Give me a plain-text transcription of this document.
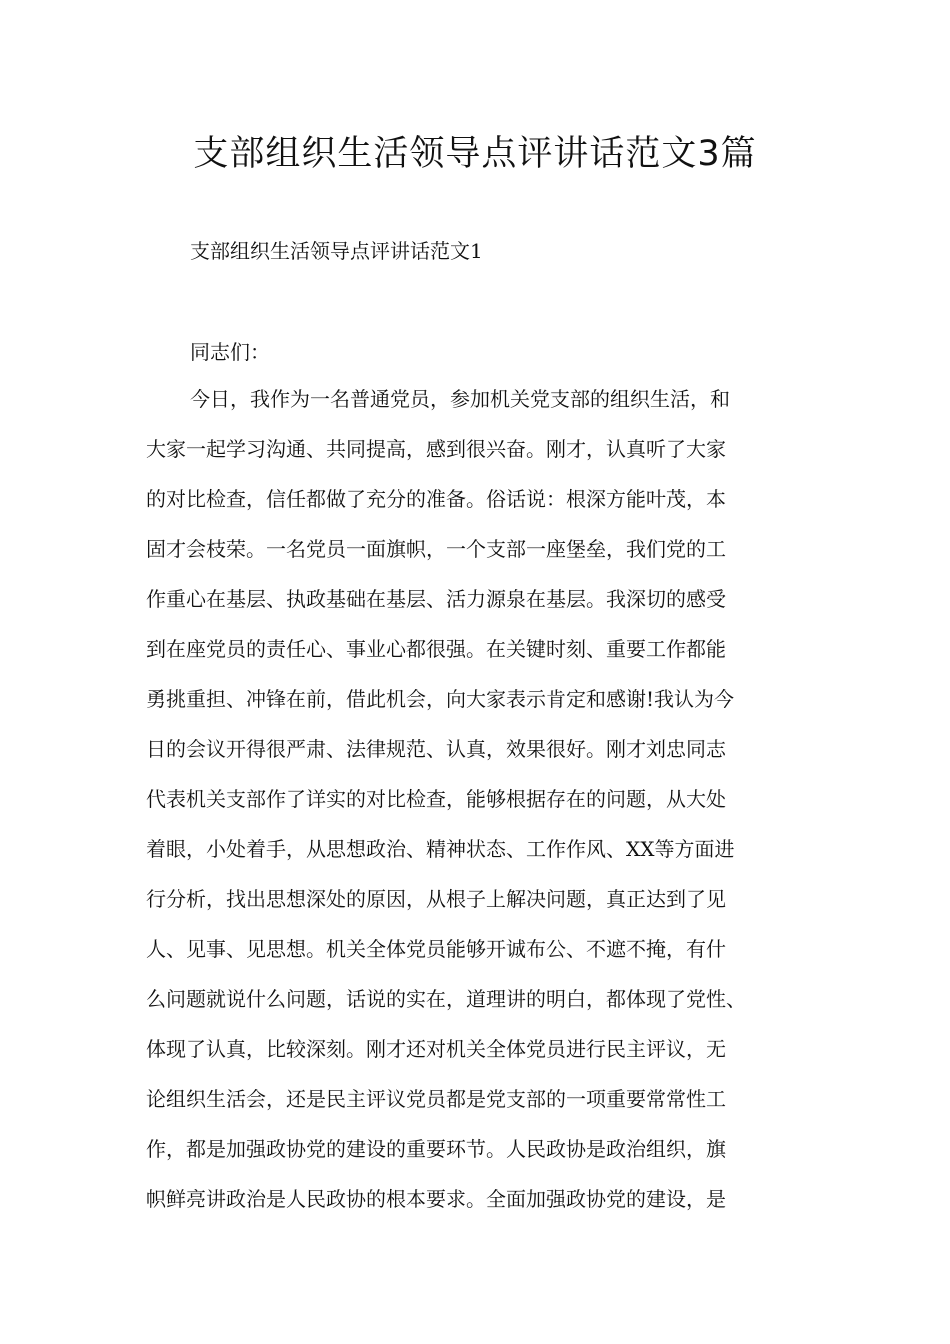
支部组织生活领导点评讲话范文3篇

支部组织生活领导点评讲话范文1

同志们：

今日，我作为一名普通党员，参加机关党支部的组织生活，和
大家一起学习沟通、共同提高，感到很兴奋。刚才，认真听了大家
的对比检查，信任都做了充分的准备。俗话说：根深方能叶茂，本
固才会枝荣。一名党员一面旗帜，一个支部一座堡垒，我们党的工
作重心在基层、执政基础在基层、活力源泉在基层。我深切的感受
到在座党员的责任心、事业心都很强。在关键时刻、重要工作都能
勇挑重担、冲锋在前，借此机会，向大家表示肯定和感谢!我认为今
日的会议开得很严肃、法律规范、认真，效果很好。刚才刘忠同志
代表机关支部作了详实的对比检查，能够根据存在的问题，从大处
着眼，小处着手，从思想政治、精神状态、工作作风、XX等方面进
行分析，找出思想深处的原因，从根子上解决问题，真正达到了见
人、见事、见思想。机关全体党员能够开诚布公、不遮不掩，有什
么问题就说什么问题，话说的实在，道理讲的明白，都体现了党性、
体现了认真，比较深刻。刚才还对机关全体党员进行民主评议，无
论组织生活会，还是民主评议党员都是党支部的一项重要常常性工
作，都是加强政协党的建设的重要环节。人民政协是政治组织，旗
帜鲜亮讲政治是人民政协的根本要求。全面加强政协党的建设，是
